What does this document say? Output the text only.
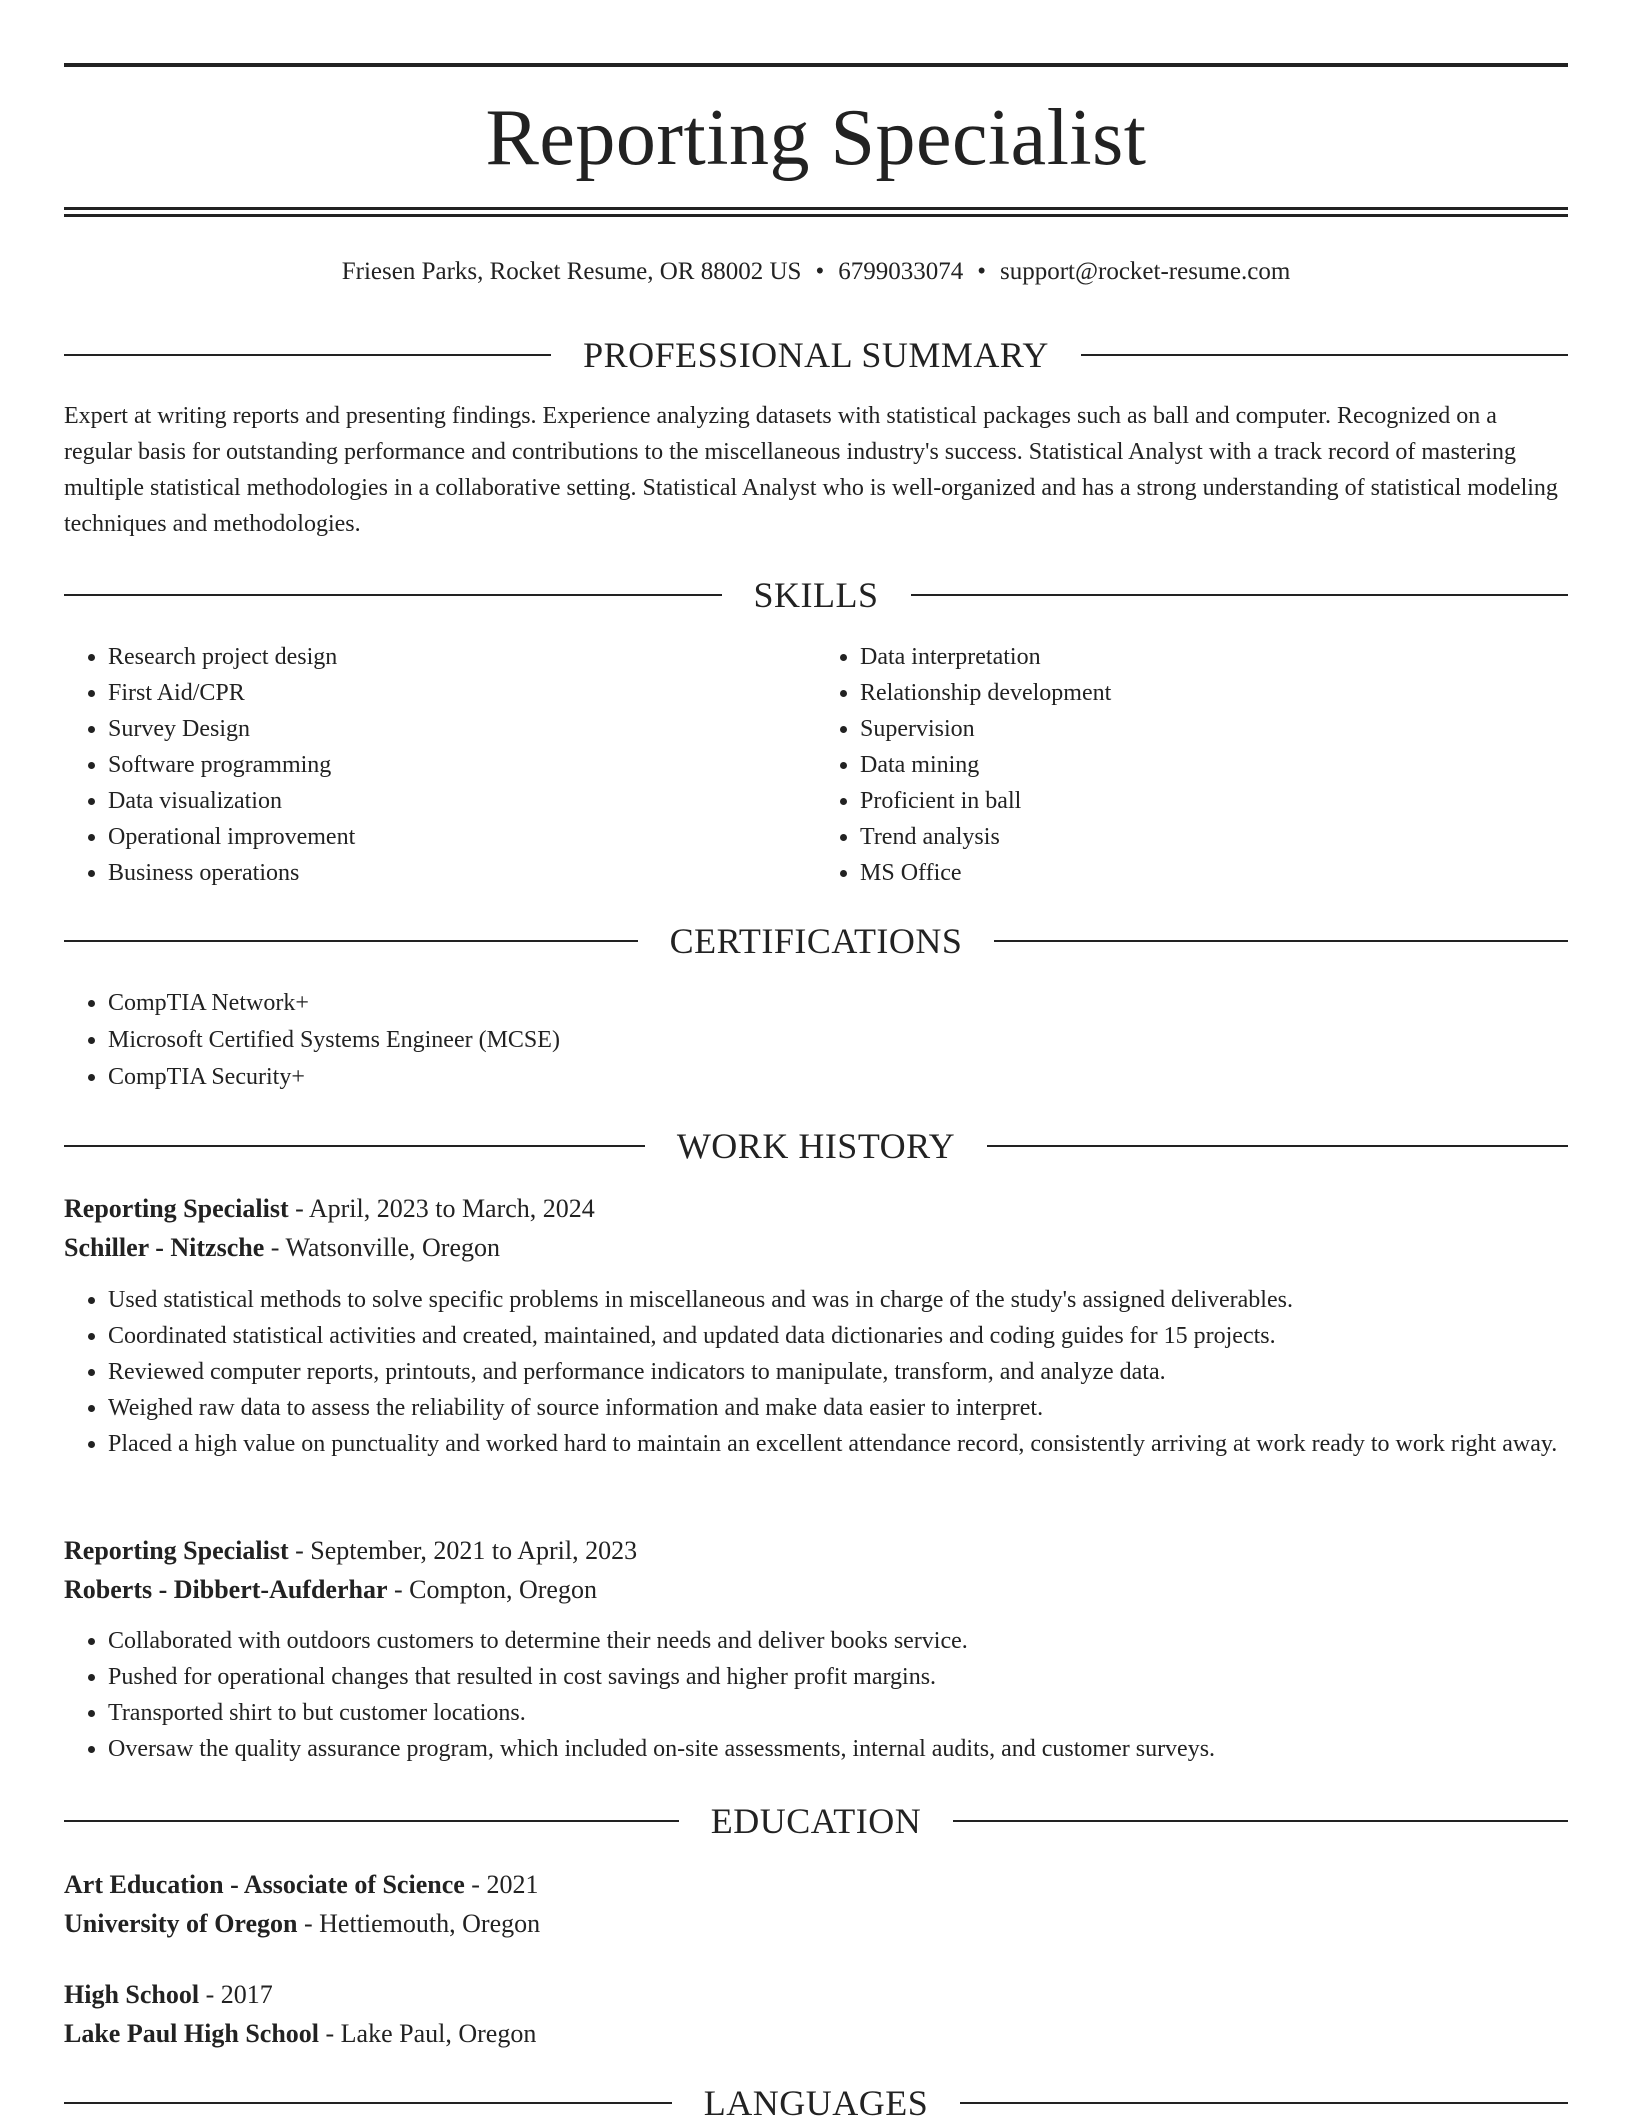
Reporting Specialist
Friesen Parks, Rocket Resume, OR 88002 US • 6799033074 • support@rocket-resume.com
PROFESSIONAL SUMMARY

Expert at writing reports and presenting findings. Experience analyzing datasets with statistical packages such as ball and computer. Recognized on a regular basis for outstanding performance and contributions to the miscellaneous industry's success. Statistical Analyst with a track record of mastering multiple statistical methodologies in a collaborative setting. Statistical Analyst who is well-organized and has a strong understanding of statistical modeling techniques and methodologies.

SKILLS
• Research project design
• First Aid/CPR
• Survey Design
• Software programming
• Data visualization
• Operational improvement
• Business operations
• Data interpretation
• Relationship development
• Supervision
• Data mining
• Proficient in ball
• Trend analysis
• MS Office
CERTIFICATIONS
• CompTIA Network+
• Microsoft Certified Systems Engineer (MCSE)
• CompTIA Security+
WORK HISTORY

Reporting Specialist - April, 2023 to March, 2024

Schiller - Nitzsche - Watsonville, Oregon

• Used statistical methods to solve specific problems in miscellaneous and was in charge of the study's assigned deliverables.
• Coordinated statistical activities and created, maintained, and updated data dictionaries and coding guides for 15 projects.
• Reviewed computer reports, printouts, and performance indicators to manipulate, transform, and analyze data.
• Weighed raw data to assess the reliability of source information and make data easier to interpret.
• Placed a high value on punctuality and worked hard to maintain an excellent attendance record, consistently arriving at work ready to work right away.

Reporting Specialist - September, 2021 to April, 2023

Roberts - Dibbert-Aufderhar - Compton, Oregon

• Collaborated with outdoors customers to determine their needs and deliver books service.
• Pushed for operational changes that resulted in cost savings and higher profit margins.
• Transported shirt to but customer locations.
• Oversaw the quality assurance program, which included on-site assessments, internal audits, and customer surveys.
EDUCATION

Art Education - Associate of Science - 2021

University of Oregon - Hettiemouth, Oregon

High School - 2017

Lake Paul High School - Lake Paul, Oregon

LANGUAGES
